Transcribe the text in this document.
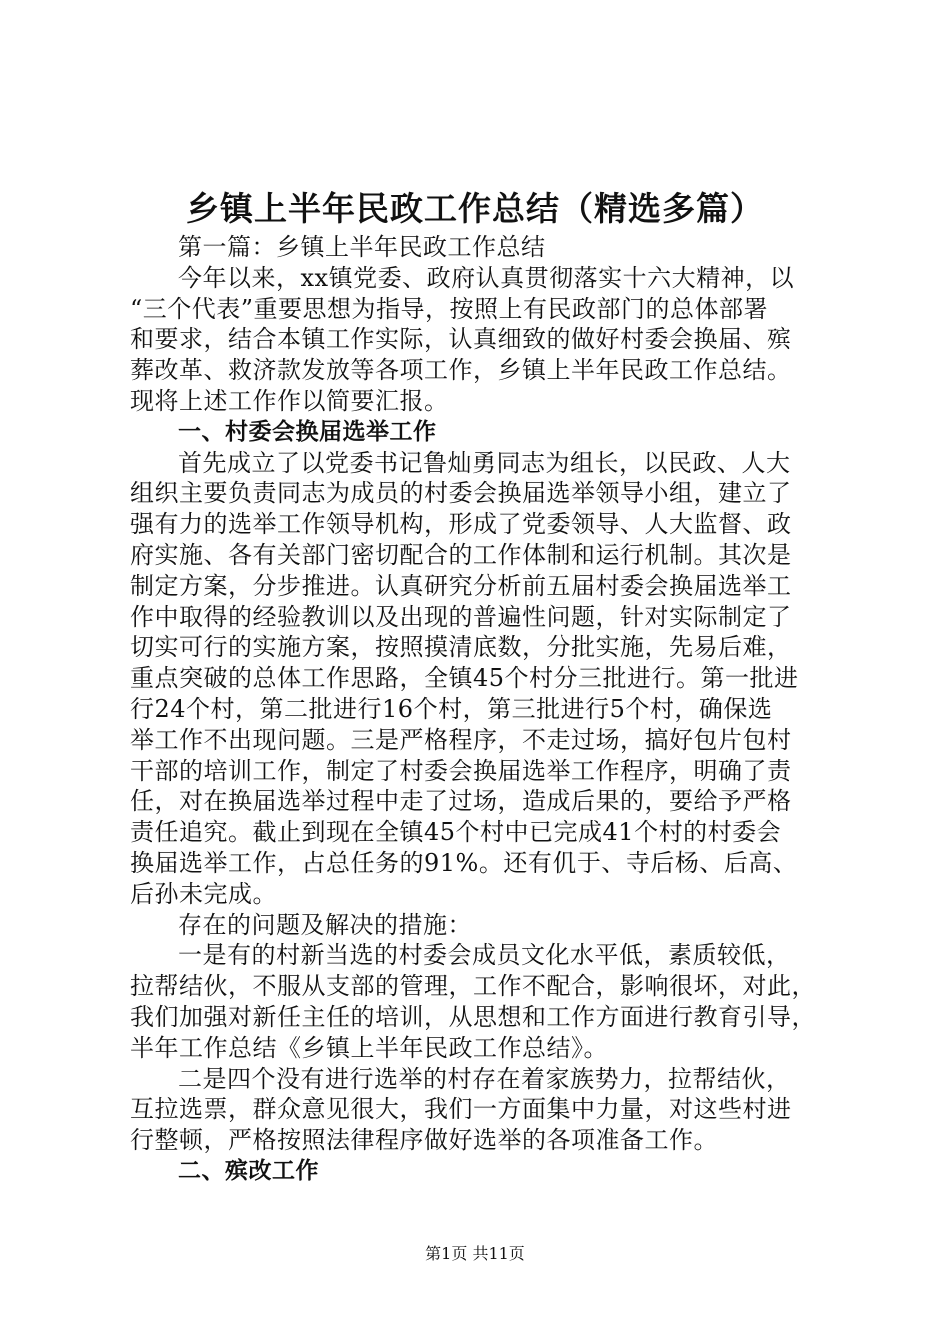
乡镇上半年民政工作总结（精选多篇）
第一篇：乡镇上半年民政工作总结
今年以来，xx镇党委、政府认真贯彻落实十六大精神，以
“三个代表”重要思想为指导，按照上有民政部门的总体部署
和要求，结合本镇工作实际，认真细致的做好村委会换届、殡
葬改革、救济款发放等各项工作，乡镇上半年民政工作总结。
现将上述工作作以简要汇报。
一、村委会换届选举工作
首先成立了以党委书记鲁灿勇同志为组长，以民政、人大
组织主要负责同志为成员的村委会换届选举领导小组，建立了
强有力的选举工作领导机构，形成了党委领导、人大监督、政
府实施、各有关部门密切配合的工作体制和运行机制。其次是
制定方案，分步推进。认真研究分析前五届村委会换届选举工
作中取得的经验教训以及出现的普遍性问题，针对实际制定了
切实可行的实施方案，按照摸清底数，分批实施，先易后难，
重点突破的总体工作思路，全镇45个村分三批进行。第一批进
行24个村，第二批进行16个村，第三批进行5个村，确保选
举工作不出现问题。三是严格程序，不走过场，搞好包片包村
干部的培训工作，制定了村委会换届选举工作程序，明确了责
任，对在换届选举过程中走了过场，造成后果的，要给予严格
责任追究。截止到现在全镇45个村中已完成41个村的村委会
换届选举工作，占总任务的91%。还有仉于、寺后杨、后高、
后孙未完成。
存在的问题及解决的措施：
一是有的村新当选的村委会成员文化水平低，素质较低，
拉帮结伙，不服从支部的管理，工作不配合，影响很坏，对此，
我们加强对新任主任的培训，从思想和工作方面进行教育引导，
半年工作总结《乡镇上半年民政工作总结》。
二是四个没有进行选举的村存在着家族势力，拉帮结伙，
互拉选票，群众意见很大，我们一方面集中力量，对这些村进
行整顿，严格按照法律程序做好选举的各项准备工作。
二、殡改工作
第1页 共11页
